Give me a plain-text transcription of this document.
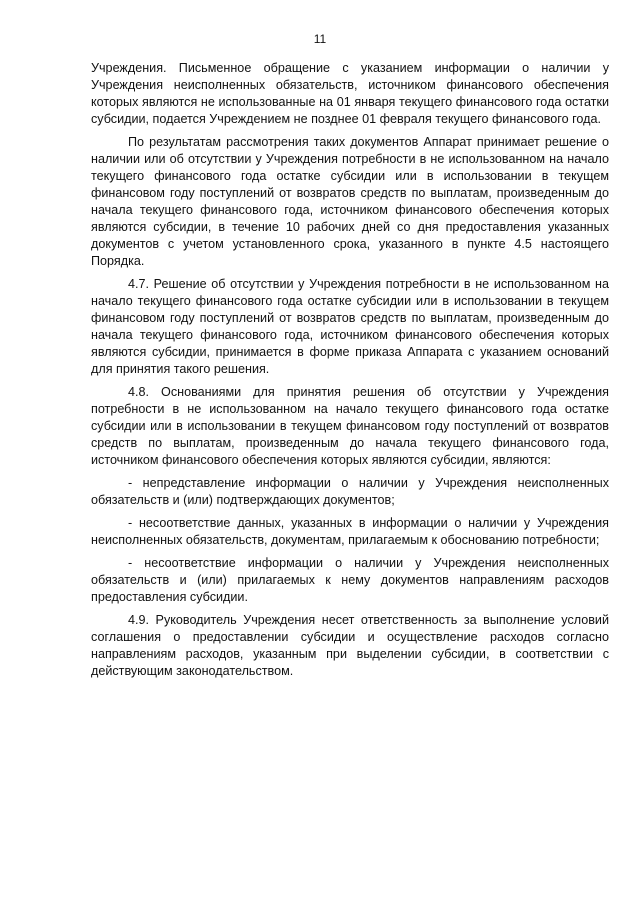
11

Учреждения. Письменное обращение с указанием информации о наличии у Учреждения неисполненных обязательств, источником финансового обеспечения которых являются не использованные на 01 января текущего финансового года остатки субсидии, подается Учреждением не позднее 01 февраля текущего финансового года.

По результатам рассмотрения таких документов Аппарат принимает решение о наличии или об отсутствии у Учреждения потребности в не использованном на начало текущего финансового года остатке субсидии или в использовании в текущем финансовом году поступлений от возвратов средств по выплатам, произведенным до начала текущего финансового года, источником финансового обеспечения которых являются субсидии, в течение 10 рабочих дней со дня предоставления указанных документов с учетом установленного срока, указанного в пункте 4.5 настоящего Порядка.

4.7. Решение об отсутствии у Учреждения потребности в не использованном на начало текущего финансового года остатке субсидии или в использовании в текущем финансовом году поступлений от возвратов средств по выплатам, произведенным до начала текущего финансового года, источником финансового обеспечения которых являются субсидии, принимается в форме приказа Аппарата с указанием оснований для принятия такого решения.

4.8. Основаниями для принятия решения об отсутствии у Учреждения потребности в не использованном на начало текущего финансового года остатке субсидии или в использовании в текущем финансовом году поступлений от возвратов средств по выплатам, произведенным до начала текущего финансового года, источником финансового обеспечения которых являются субсидии, являются:

- непредставление информации о наличии у Учреждения неисполненных обязательств и (или) подтверждающих документов;

- несоответствие данных, указанных в информации о наличии у Учреждения неисполненных обязательств, документам, прилагаемым к обоснованию потребности;

- несоответствие информации о наличии у Учреждения неисполненных обязательств и (или) прилагаемых к нему документов направлениям расходов предоставления субсидии.

4.9. Руководитель Учреждения несет ответственность за выполнение условий соглашения о предоставлении субсидии и осуществление расходов согласно направлениям расходов, указанным при выделении субсидии, в соответствии с действующим законодательством.
